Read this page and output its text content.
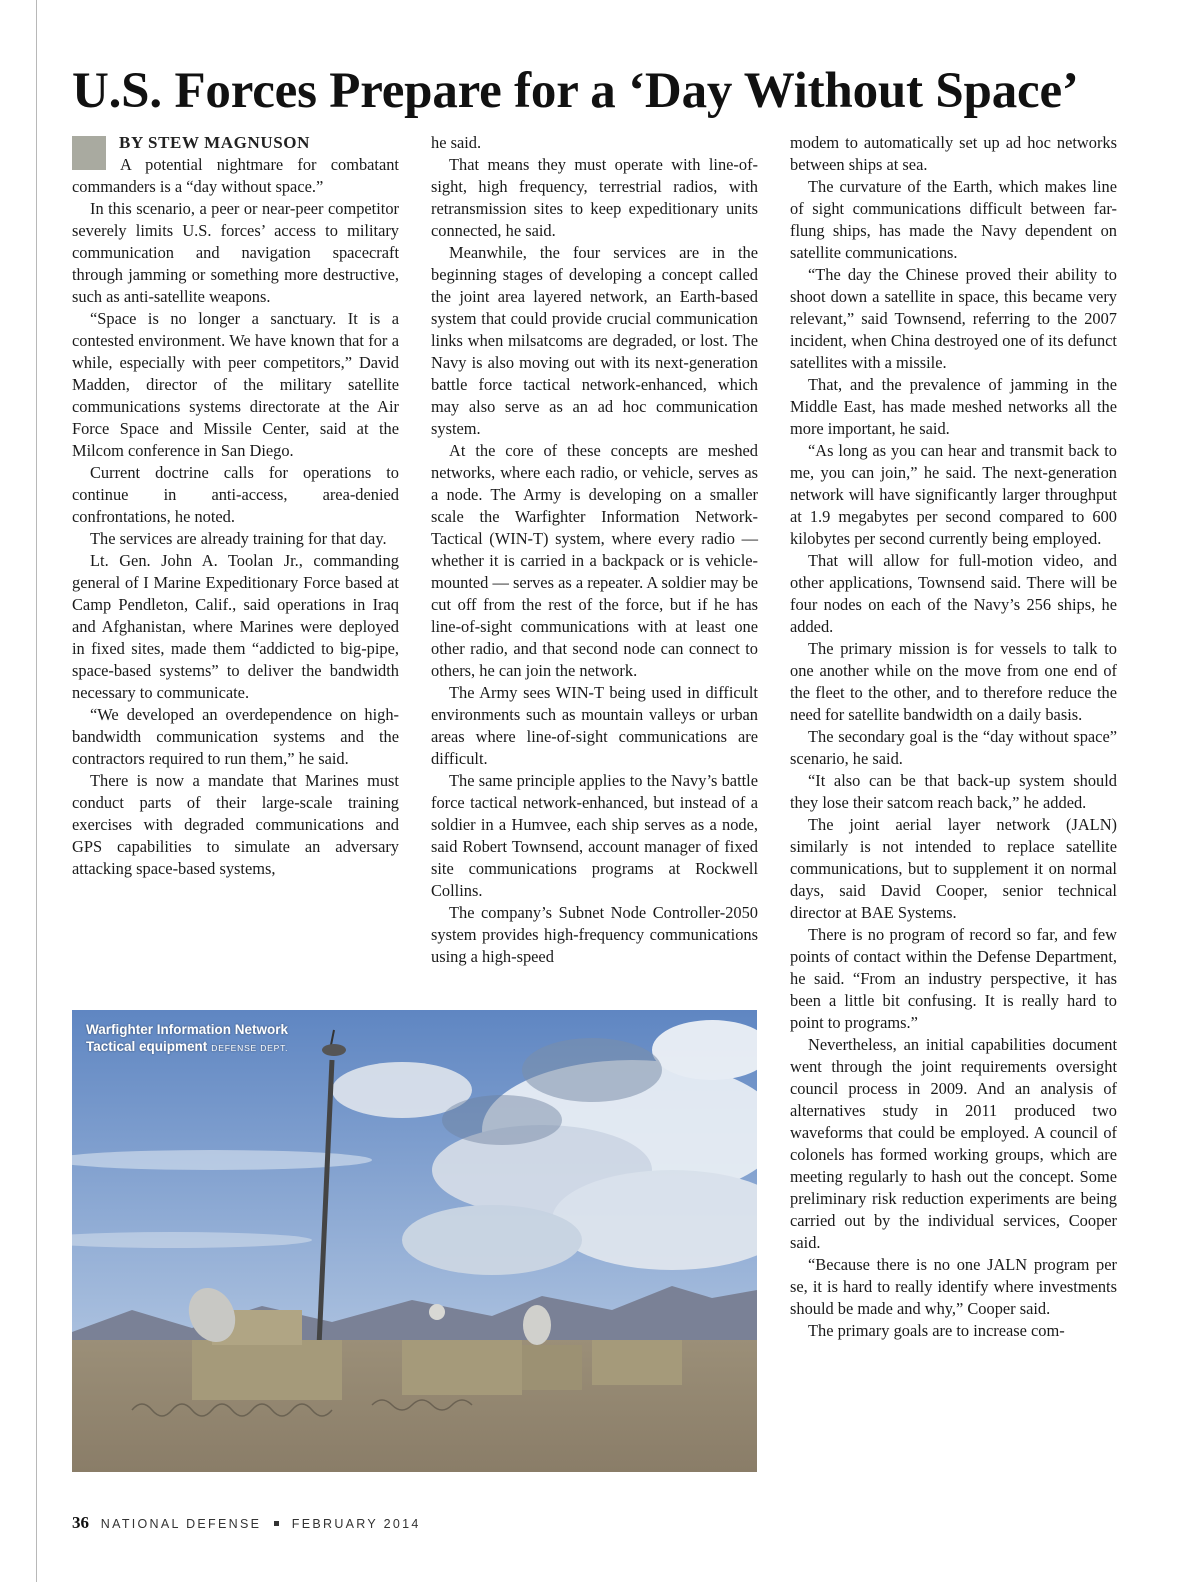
U.S. Forces Prepare for a ‘Day Without Space’
BY STEW MAGNUSON

A potential nightmare for combatant commanders is a “day without space.”

In this scenario, a peer or near-peer competitor severely limits U.S. forces’ access to military communication and navigation spacecraft through jamming or something more destructive, such as anti-satellite weapons.

“Space is no longer a sanctuary. It is a contested environment. We have known that for a while, especially with peer competitors,” David Madden, director of the military satellite communications systems directorate at the Air Force Space and Missile Center, said at the Milcom conference in San Diego.

Current doctrine calls for operations to continue in anti-access, area-denied confrontations, he noted.

The services are already training for that day.

Lt. Gen. John A. Toolan Jr., commanding general of I Marine Expeditionary Force based at Camp Pendleton, Calif., said operations in Iraq and Afghanistan, where Marines were deployed in fixed sites, made them “addicted to big-pipe, space-based systems” to deliver the bandwidth necessary to communicate.

“We developed an overdependence on high-bandwidth communication systems and the contractors required to run them,” he said.

There is now a mandate that Marines must conduct parts of their large-scale training exercises with degraded communications and GPS capabilities to simulate an adversary attacking space-based systems,

he said.

That means they must operate with line-of-sight, high frequency, terrestrial radios, with retransmission sites to keep expeditionary units connected, he said.

Meanwhile, the four services are in the beginning stages of developing a concept called the joint area layered network, an Earth-based system that could provide crucial communication links when milsatcoms are degraded, or lost. The Navy is also moving out with its next-generation battle force tactical network-enhanced, which may also serve as an ad hoc communication system.

At the core of these concepts are meshed networks, where each radio, or vehicle, serves as a node. The Army is developing on a smaller scale the Warfighter Information Network-Tactical (WIN-T) system, where every radio — whether it is carried in a backpack or is vehicle-mounted — serves as a repeater. A soldier may be cut off from the rest of the force, but if he has line-of-sight communications with at least one other radio, and that second node can connect to others, he can join the network.

The Army sees WIN-T being used in difficult environments such as mountain valleys or urban areas where line-of-sight communications are difficult.

The same principle applies to the Navy’s battle force tactical network-enhanced, but instead of a soldier in a Humvee, each ship serves as a node, said Robert Townsend, account manager of fixed site communications programs at Rockwell Collins.

The company’s Subnet Node Controller-2050 system provides high-frequency communications using a high-speed

modem to automatically set up ad hoc networks between ships at sea.

The curvature of the Earth, which makes line of sight communications difficult between far-flung ships, has made the Navy dependent on satellite communications.

“The day the Chinese proved their ability to shoot down a satellite in space, this became very relevant,” said Townsend, referring to the 2007 incident, when China destroyed one of its defunct satellites with a missile.

That, and the prevalence of jamming in the Middle East, has made meshed networks all the more important, he said.

“As long as you can hear and transmit back to me, you can join,” he said. The next-generation network will have significantly larger throughput at 1.9 megabytes per second compared to 600 kilobytes per second currently being employed.

That will allow for full-motion video, and other applications, Townsend said. There will be four nodes on each of the Navy’s 256 ships, he added.

The primary mission is for vessels to talk to one another while on the move from one end of the fleet to the other, and to therefore reduce the need for satellite bandwidth on a daily basis.

The secondary goal is the “day without space” scenario, he said.

“It also can be that back-up system should they lose their satcom reach back,” he added.

The joint aerial layer network (JALN) similarly is not intended to replace satellite communications, but to supplement it on normal days, said David Cooper, senior technical director at BAE Systems.

There is no program of record so far, and few points of contact within the Defense Department, he said. “From an industry perspective, it has been a little bit confusing. It is really hard to point to programs.”

Nevertheless, an initial capabilities document went through the joint requirements oversight council process in 2009. And an analysis of alternatives study in 2011 produced two waveforms that could be employed. A council of colonels has formed working groups, which are meeting regularly to hash out the concept. Some preliminary risk reduction experiments are being carried out by the individual services, Cooper said.

“Because there is no one JALN program per se, it is hard to really identify where investments should be made and why,” Cooper said.

The primary goals are to increase com-

Warfighter Information Network
Tactical equipment DEFENSE DEPT.
36 NATIONAL DEFENSE FEBRUARY 2014
